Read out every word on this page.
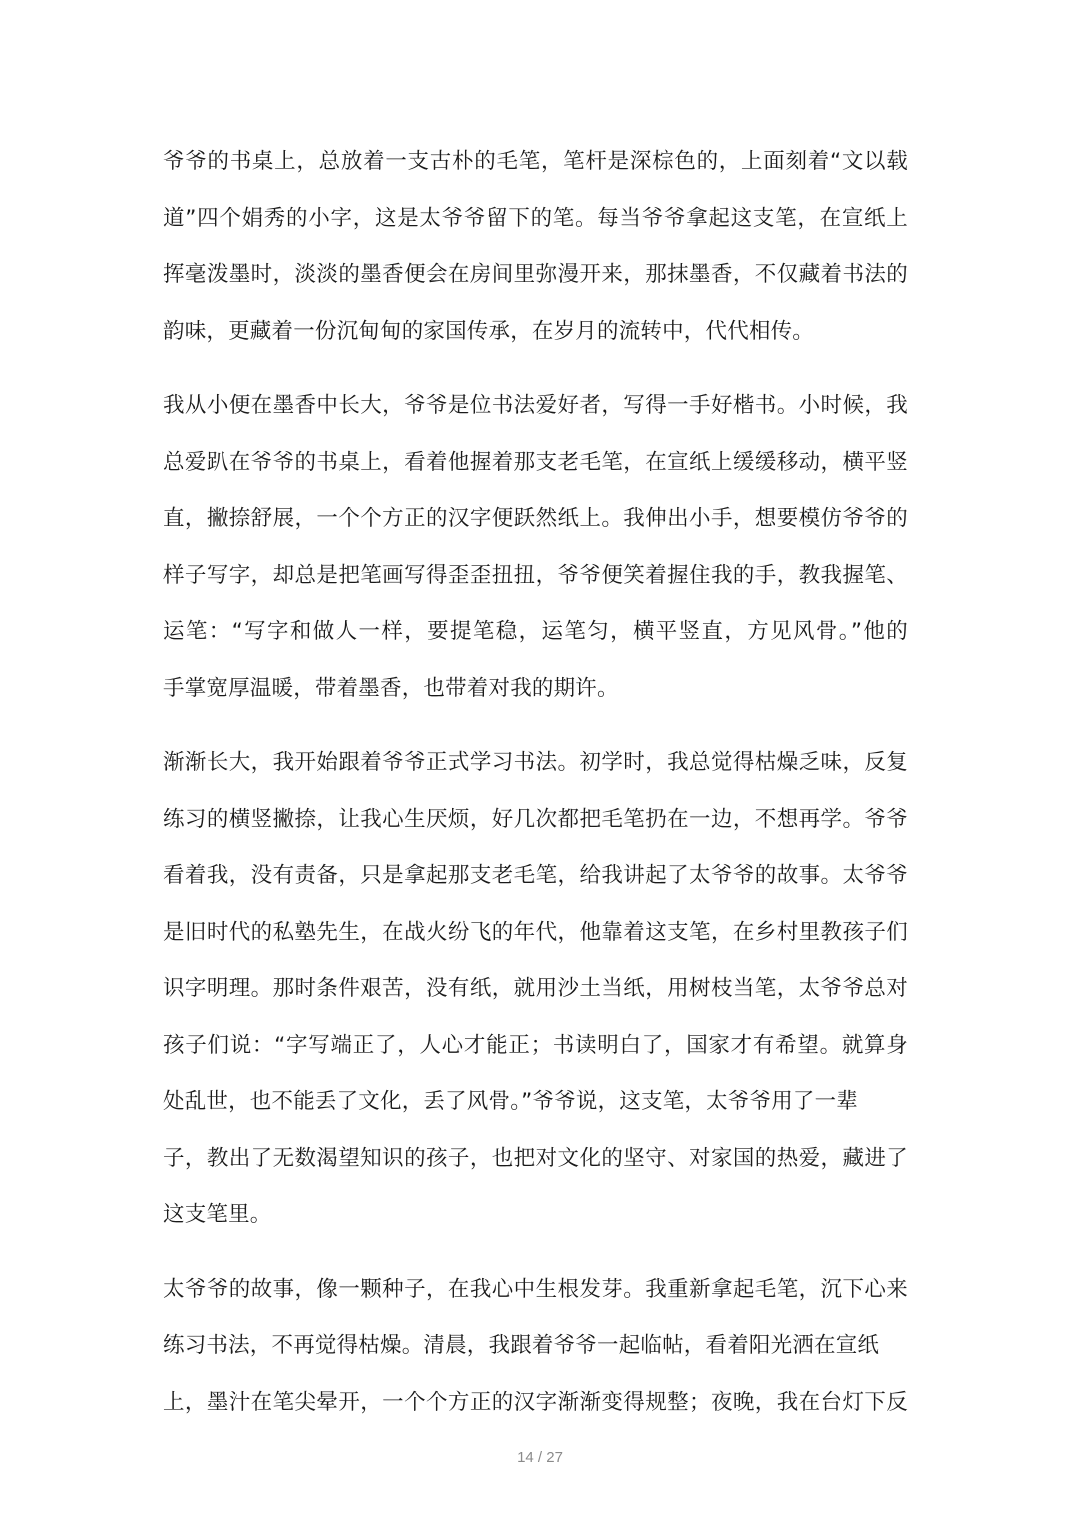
爷爷的书桌上，总放着一支古朴的毛笔，笔杆是深棕色的，上面刻着“文以载
道”四个娟秀的小字，这是太爷爷留下的笔。每当爷爷拿起这支笔，在宣纸上
挥毫泼墨时，淡淡的墨香便会在房间里弥漫开来，那抹墨香，不仅藏着书法的
韵味，更藏着一份沉甸甸的家国传承，在岁月的流转中，代代相传。
我从小便在墨香中长大，爷爷是位书法爱好者，写得一手好楷书。小时候，我
总爱趴在爷爷的书桌上，看着他握着那支老毛笔，在宣纸上缓缓移动，横平竖
直，撇捺舒展，一个个方正的汉字便跃然纸上。我伸出小手，想要模仿爷爷的
样子写字，却总是把笔画写得歪歪扭扭，爷爷便笑着握住我的手，教我握笔、
运笔：“写字和做人一样，要提笔稳，运笔匀，横平竖直，方见风骨。”他的
手掌宽厚温暖，带着墨香，也带着对我的期许。
渐渐长大，我开始跟着爷爷正式学习书法。初学时，我总觉得枯燥乏味，反复
练习的横竖撇捺，让我心生厌烦，好几次都把毛笔扔在一边，不想再学。爷爷
看着我，没有责备，只是拿起那支老毛笔，给我讲起了太爷爷的故事。太爷爷
是旧时代的私塾先生，在战火纷飞的年代，他靠着这支笔，在乡村里教孩子们
识字明理。那时条件艰苦，没有纸，就用沙土当纸，用树枝当笔，太爷爷总对
孩子们说：“字写端正了，人心才能正；书读明白了，国家才有希望。就算身
处乱世，也不能丢了文化，丢了风骨。”爷爷说，这支笔，太爷爷用了一辈
子，教出了无数渴望知识的孩子，也把对文化的坚守、对家国的热爱，藏进了
这支笔里。
太爷爷的故事，像一颗种子，在我心中生根发芽。我重新拿起毛笔，沉下心来
练习书法，不再觉得枯燥。清晨，我跟着爷爷一起临帖，看着阳光洒在宣纸
上，墨汁在笔尖晕开，一个个方正的汉字渐渐变得规整；夜晚，我在台灯下反
14 / 27
